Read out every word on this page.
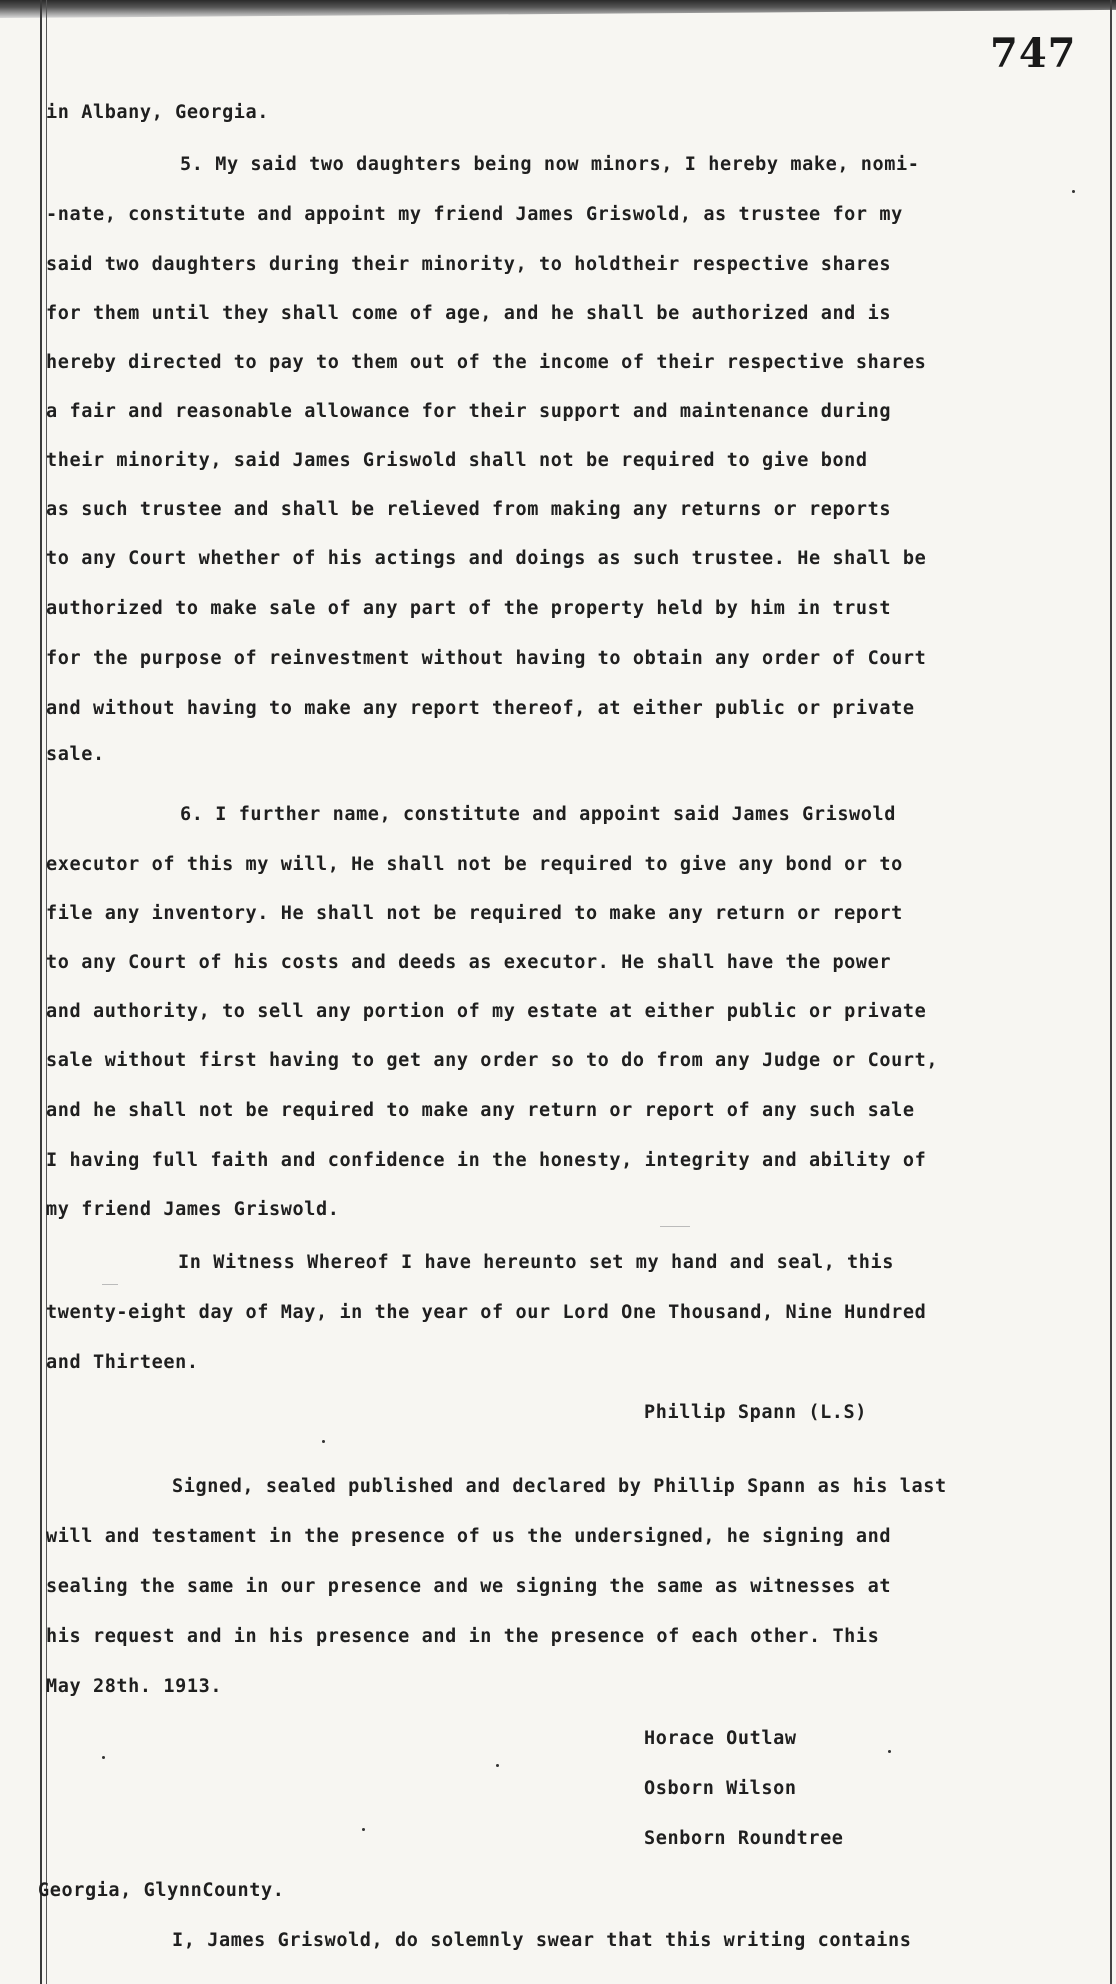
747
in Albany, Georgia.
5. My said two daughters being now minors, I hereby make, nomi-
-nate, constitute and appoint my friend James Griswold, as trustee for my
said two daughters during their minority, to holdtheir respective shares
for them until they shall come of age, and he shall be authorized and is
hereby directed to pay to them out of the income of their respective shares
a fair and reasonable allowance for their support and maintenance during
their minority, said James Griswold shall not be required to give bond
as such trustee and shall be relieved from making any returns or reports
to any Court whether of his actings and doings as such trustee. He shall be
authorized to make sale of any part of the property held by him in trust
for the purpose of reinvestment without having to obtain any order of Court
and without having to make any report thereof, at either public or private
sale.
6. I further name, constitute and appoint said James Griswold
executor of this my will, He shall not be required to give any bond or to
file any inventory. He shall not be required to make any return or report
to any Court of his costs and deeds as executor. He shall have the power
and authority, to sell any portion of my estate at either public or private
sale without first having to get any order so to do from any Judge or Court,
and he shall not be required to make any return or report of any such sale
I having full faith and confidence in the honesty, integrity and ability of
my friend James Griswold.
In Witness Whereof I have hereunto set my hand and seal, this
twenty-eight day of May, in the year of our Lord One Thousand, Nine Hundred
and Thirteen.
Phillip Spann (L.S)
Signed, sealed published and declared by Phillip Spann as his last
will and testament in the presence of us the undersigned, he signing and
sealing the same in our presence and we signing the same as witnesses at
his request and in his presence and in the presence of each other. This
May 28th. 1913.
Horace Outlaw
Osborn Wilson
Senborn Roundtree
Georgia, GlynnCounty.
I, James Griswold, do solemnly swear that this writing contains
